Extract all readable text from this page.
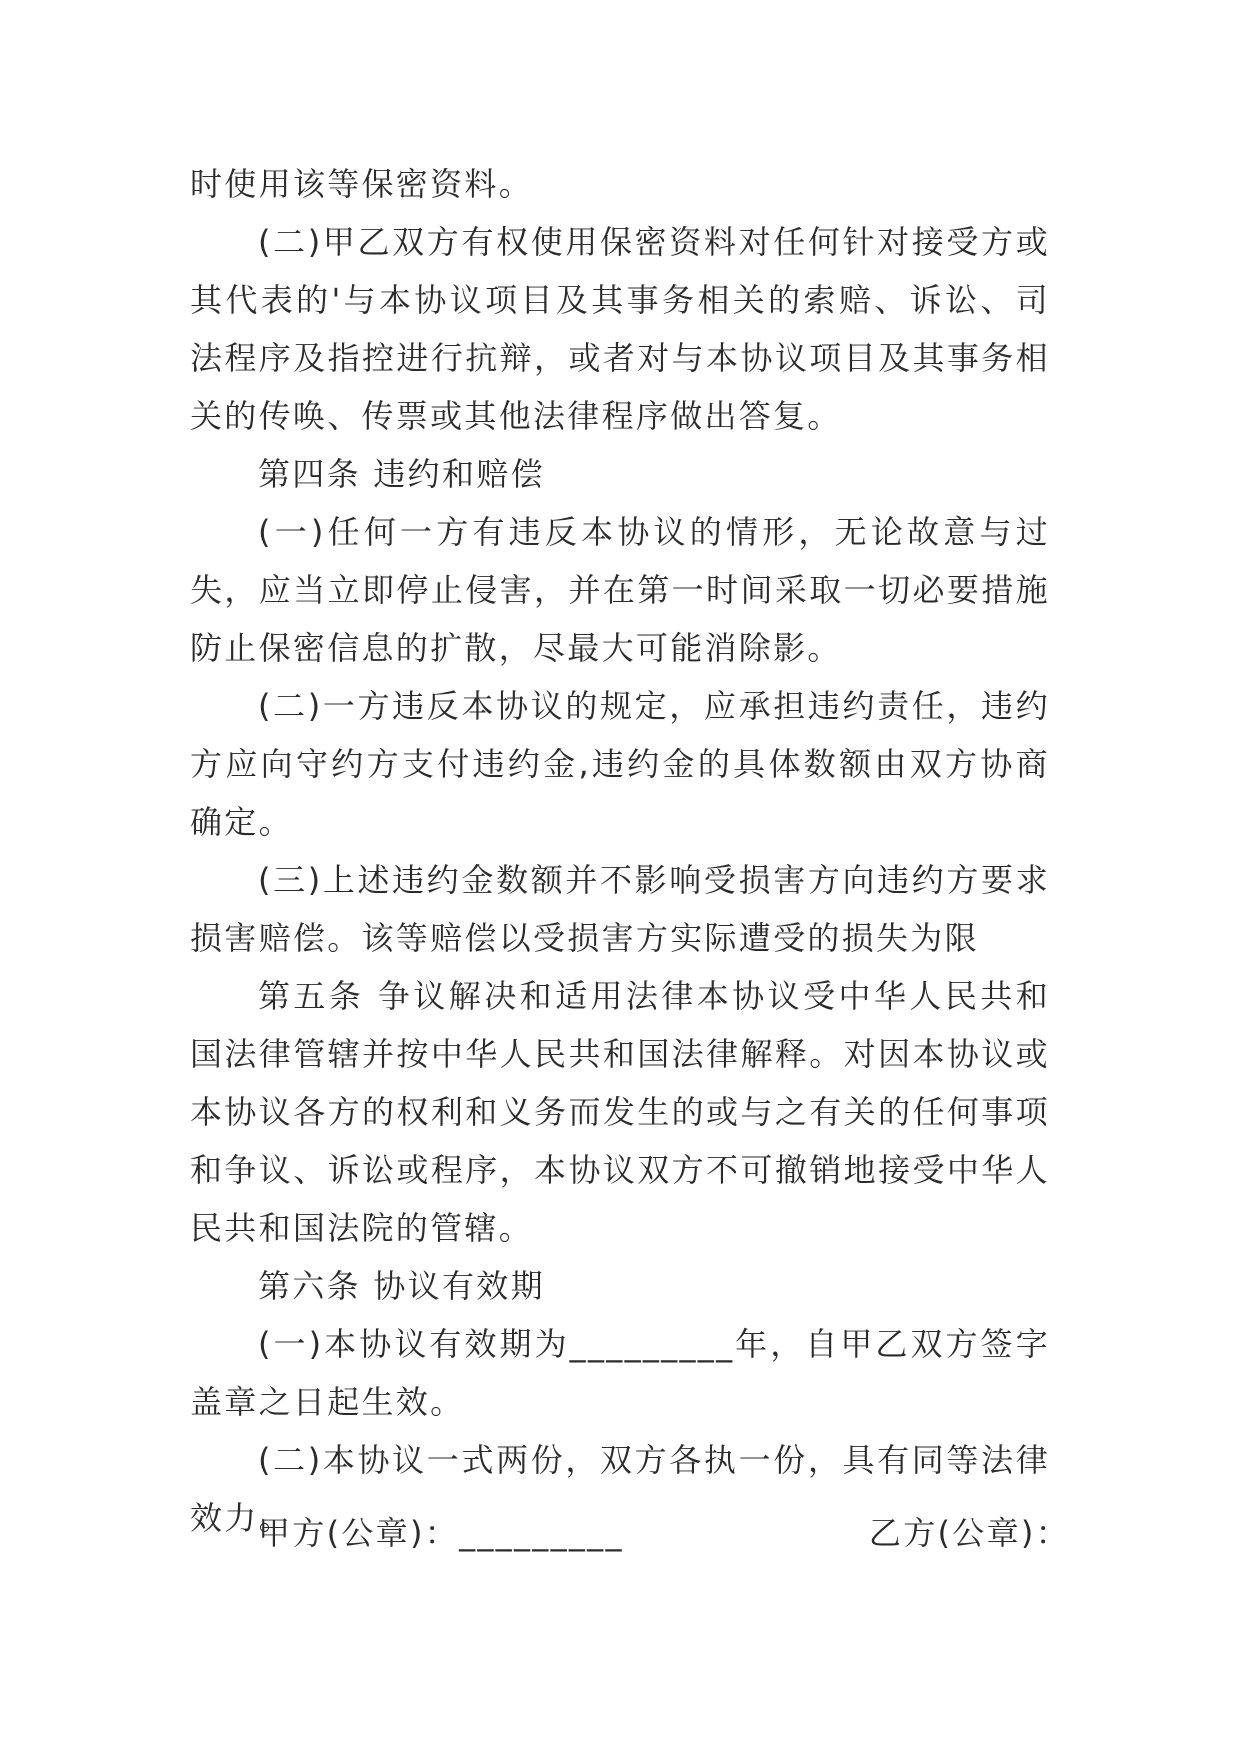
时使用该等保密资料。

(二)甲乙双方有权使用保密资料对任何针对接受方或其代表的'与本协议项目及其事务相关的索赔、诉讼、司法程序及指控进行抗辩，或者对与本协议项目及其事务相关的传唤、传票或其他法律程序做出答复。

第四条 违约和赔偿

(一)任何一方有违反本协议的情形，无论故意与过失，应当立即停止侵害，并在第一时间采取一切必要措施防止保密信息的扩散，尽最大可能消除影。

(二)一方违反本协议的规定，应承担违约责任，违约方应向守约方支付违约金,违约金的具体数额由双方协商确定。

(三)上述违约金数额并不影响受损害方向违约方要求损害赔偿。该等赔偿以受损害方实际遭受的损失为限

第五条 争议解决和适用法律本协议受中华人民共和国法律管辖并按中华人民共和国法律解释。对因本协议或本协议各方的权利和义务而发生的或与之有关的任何事项和争议、诉讼或程序，本协议双方不可撤销地接受中华人民共和国法院的管辖。

第六条 协议有效期

(一)本协议有效期为_________年，自甲乙双方签字盖章之日起生效。

(二)本协议一式两份，双方各执一份，具有同等法律效力。

甲方(公章)：_________	乙方(公章)：
